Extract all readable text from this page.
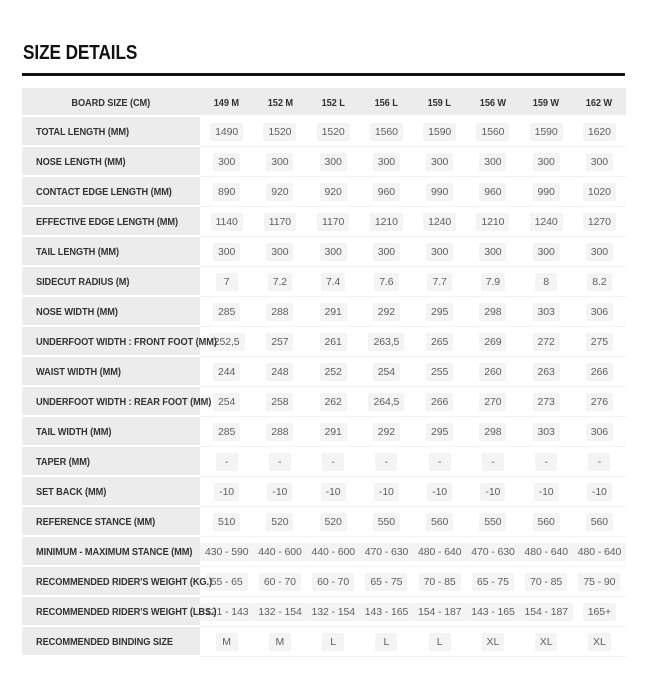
SIZE DETAILS
BOARD SIZE (CM)	149 M	152 M	152 L	156 L	159 L	156 W	159 W	162 W
TOTAL LENGTH (MM)	1490	1520	1520	1560	1590	1560	1590	1620
NOSE LENGTH (MM)	300	300	300	300	300	300	300	300
CONTACT EDGE LENGTH (MM)	890	920	920	960	990	960	990	1020
EFFECTIVE EDGE LENGTH (MM)	1140	1170	1170	1210	1240	1210	1240	1270
TAIL LENGTH (MM)	300	300	300	300	300	300	300	300
SIDECUT RADIUS (M)	7	7.2	7.4	7.6	7.7	7.9	8	8.2
NOSE WIDTH (MM)	285	288	291	292	295	298	303	306
UNDERFOOT WIDTH : FRONT FOOT (MM)	252,5	257	261	263,5	265	269	272	275
WAIST WIDTH (MM)	244	248	252	254	255	260	263	266
UNDERFOOT WIDTH : REAR FOOT (MM)	254	258	262	264,5	266	270	273	276
TAIL WIDTH (MM)	285	288	291	292	295	298	303	306
TAPER (MM)	-	-	-	-	-	-	-	-
SET BACK (MM)	-10	-10	-10	-10	-10	-10	-10	-10
REFERENCE STANCE (MM)	510	520	520	550	560	550	560	560
MINIMUM - MAXIMUM STANCE (MM)	430 - 590	440 - 600	440 - 600	470 - 630	480 - 640	470 - 630	480 - 640	480 - 640
RECOMMENDED RIDER'S WEIGHT (KG.)	55 - 65	60 - 70	60 - 70	65 - 75	70 - 85	65 - 75	70 - 85	75 - 90
RECOMMENDED RIDER'S WEIGHT (LBS.)	121 - 143	132 - 154	132 - 154	143 - 165	154 - 187	143 - 165	154 - 187	165+
RECOMMENDED BINDING SIZE	M	M	L	L	L	XL	XL	XL
